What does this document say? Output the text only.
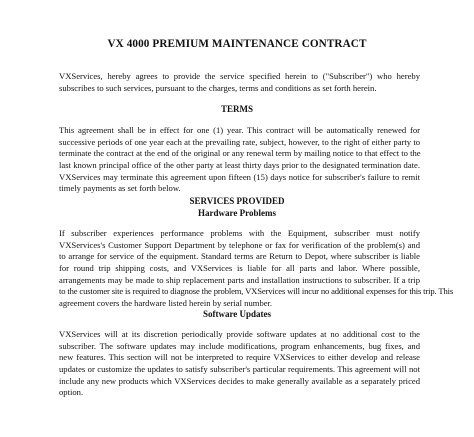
VX 4000 PREMIUM MAINTENANCE CONTRACT
VXServices, hereby agrees to provide the service specified herein to ("Subscriber") who hereby
subscribes to such services, pursuant to the charges, terms and conditions as set forth herein.
TERMS
This agreement shall be in effect for one (1) year. This contract will be automatically renewed for
successive periods of one year each at the prevailing rate, subject, however, to the right of either party to
terminate the contract at the end of the original or any renewal term by mailing notice to that effect to the
last known principal office of the other party at least thirty days prior to the designated termination date.
VXServices may terminate this agreement upon fifteen (15) days notice for subscriber's failure to remit
timely payments as set forth below.
SERVICES PROVIDED
Hardware Problems
If subscriber experiences performance problems with the Equipment, subscriber must notify
VXServices's Customer Support Department by telephone or fax for verification of the problem(s) and
to arrange for service of the equipment. Standard terms are Return to Depot, where subscriber is liable
for round trip shipping costs, and VXServices is liable for all parts and labor. Where possible,
arrangements may be made to ship replacement parts and installation instructions to subscriber. If a trip
to the customer site is required to diagnose the problem, VXServices will incur no additional expenses for this trip. This
agreement covers the hardware listed herein by serial number.
Software Updates
VXServices will at its discretion periodically provide software updates at no additional cost to the
subscriber. The software updates may include modifications, program enhancements, bug fixes, and
new features. This section will not be interpreted to require VXServices to either develop and release
updates or customize the updates to satisfy subscriber's particular requirements. This agreement will not
include any new products which VXServices decides to make generally available as a separately priced
option.
